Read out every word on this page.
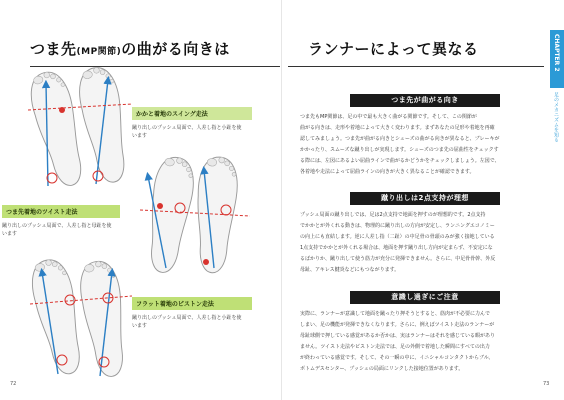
つま先(MP関節)の曲がる向きは	ランナーによって異なる
かかと着地のスイング走法
蹴り出しのプッシュ局面で、人差し指と小趾を使
います
つま先着地のツイスト走法
蹴り出しのプッシュ局面で、人差し指と母趾を使
います
フラット着地のピストン走法
蹴り出しのプッシュ局面で、人差し指と小趾を使
います
つま先が曲がる向き
つま先もMP関節は、足の中で最も大きく曲がる関節です。そして、この関節が
曲がる向きは、走形や着地によって大きく変わります。まずあなたの足形や着地を再確
認してみましょう。つま先が曲がる向きとシューズの曲がる向きが異なると、ブレーキが
かかったり、スムーズな蹴り出しが実現します。シューズのつま先の屈曲性をチェックす
る際には、左図にあるよい屈曲ラインで曲がるかどうかをチェックしましょう。左図で、
各着地や走法によって屈曲ラインの向きが大きく異なることが確認できます。
蹴り出しは2点支持が理想
プッシュ局面の蹴り出しでは、足は2点支持で地面を押すのが理想的です。2点支持
でかかとが外くれる動きは、物理的に蹴り出しの方向が安定し、ランニングエコノミー
の向上にも直結します。逆に人差し指（二趾）の中足骨の骨頭のみが強く接地している
1点支持でかかとが外くれる場合は、地面を押す蹴り出し方向が定まらず、不安定にな
るばかりか、蹴り出して使う筋力が充分に発揮できません。さらに、中足骨骨幹、外反
母趾、アキレス腱炎などにもつながります。
意識し過ぎにご注意
実際に、ランナーが意識して地面を蹴ったり押そうとすると、筋肉が不必要に力んで
しまい、足の機能が発揮できなくなります。さらに、例えばツイスト走法のランナーが
母趾球側で押している感覚があるか否かは、実はランナーはそれを感じている暇があり
ません。ツイスト走法やピストン走法では、足の外側で着地した瞬間にすべての出力
が終わっている感覚です。そして、その一瞬の中に、イニシャルコンタクトからブル、
ボトムデスセンター、プッシュの局面にリンクした接地位置があります。
CHAPTER 2
足のメカニズムを知る
72	73
